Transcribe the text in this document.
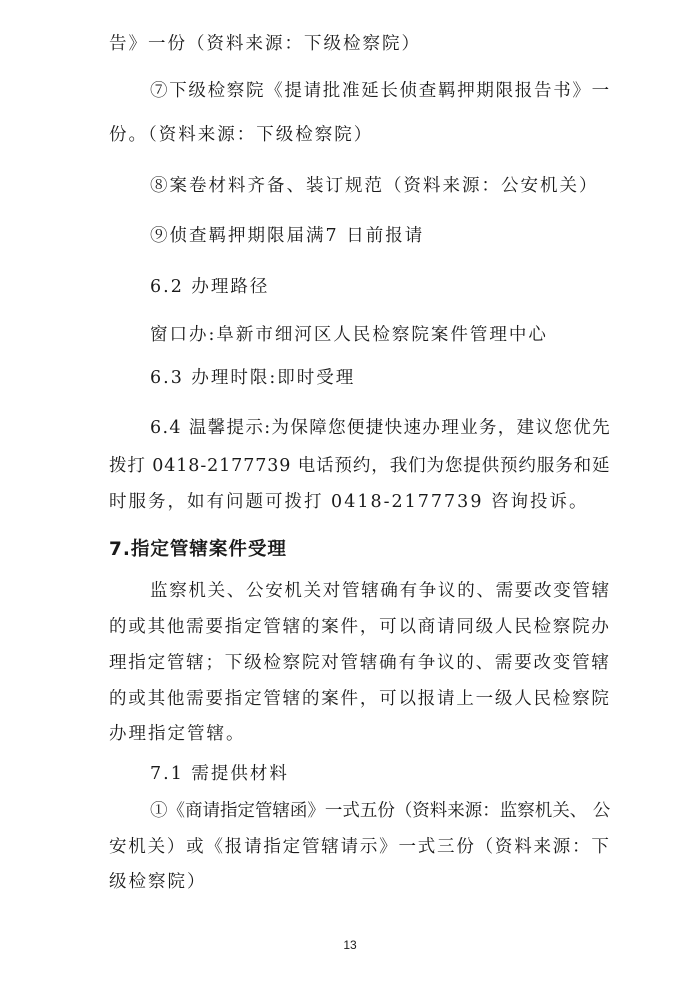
告》一份（资料来源：下级检察院）
⑦下级检察院《提请批准延长侦查羁押期限报告书》一
份。（资料来源：下级检察院）
⑧案卷材料齐备、装订规范（资料来源：公安机关）
⑨侦查羁押期限届满7 日前报请
6.2 办理路径
窗口办:阜新市细河区人民检察院案件管理中心
6.3 办理时限:即时受理
6.4 温馨提示:为保障您便捷快速办理业务，建议您优先
拨打 0418-2177739 电话预约，我们为您提供预约服务和延
时服务，如有问题可拨打 0418-2177739 咨询投诉。
7.指定管辖案件受理
监察机关、公安机关对管辖确有争议的、需要改变管辖
的或其他需要指定管辖的案件，可以商请同级人民检察院办
理指定管辖；下级检察院对管辖确有争议的、需要改变管辖
的或其他需要指定管辖的案件，可以报请上一级人民检察院
办理指定管辖。
7.1 需提供材料
①《商请指定管辖函》一式五份（资料来源：监察机关、 公
安机关）或《报请指定管辖请示》一式三份（资料来源：下
级检察院）
13
